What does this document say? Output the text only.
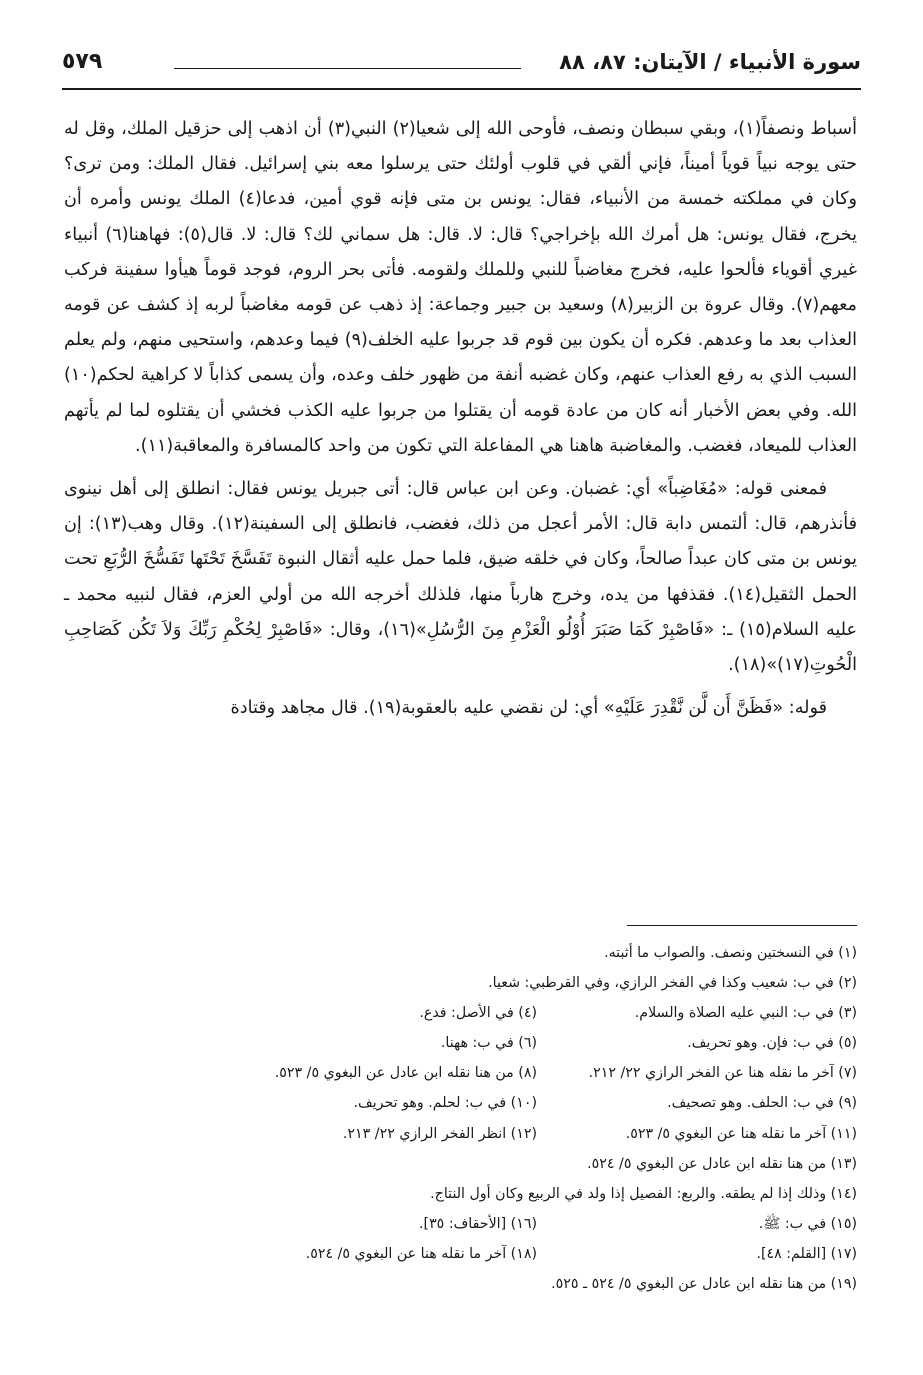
سورة الأنبياء / الآيتان: ٨٧، ٨٨
٥٧٩

أسباط ونصفاً(١)، وبقي سبطان ونصف، فأوحى الله إلى شعيا(٢) النبي(٣) أن اذهب إلى حزقيل الملك، وقل له حتى يوجه نبياً قوياً أميناً، فإني ألقي في قلوب أولئك حتى يرسلوا معه بني إسرائيل. فقال الملك: ومن ترى؟ وكان في مملكته خمسة من الأنبياء، فقال: يونس بن متى فإنه قوي أمين، فدعا(٤) الملك يونس وأمره أن يخرج، فقال يونس: هل أمرك الله بإخراجي؟ قال: لا. قال: هل سماني لك؟ قال: لا. قال(٥): فهاهنا(٦) أنبياء غيري أقوياء فألحوا عليه، فخرج مغاضباً للنبي وللملك ولقومه. فأتى بحر الروم، فوجد قوماً هيأوا سفينة فركب معهم(٧). وقال عروة بن الزبير(٨) وسعيد بن جبير وجماعة: إذ ذهب عن قومه مغاضباً لربه إذ كشف عن قومه العذاب بعد ما وعدهم. فكره أن يكون بين قوم قد جربوا عليه الخلف(٩) فيما وعدهم، واستحيى منهم، ولم يعلم السبب الذي به رفع العذاب عنهم، وكان غضبه أنفة من ظهور خلف وعده، وأن يسمى كذاباً لا كراهية لحكم(١٠) الله. وفي بعض الأخبار أنه كان من عادة قومه أن يقتلوا من جربوا عليه الكذب فخشي أن يقتلوه لما لم يأتهم العذاب للميعاد، فغضب. والمغاضبة هاهنا هي المفاعلة التي تكون من واحد كالمسافرة والمعاقبة(١١).

فمعنى قوله: «مُغَاضِباً» أي: غضبان. وعن ابن عباس قال: أتى جبريل يونس فقال: انطلق إلى أهل نينوى فأنذرهم، قال: ألتمس دابة قال: الأمر أعجل من ذلك، فغضب، فانطلق إلى السفينة(١٢). وقال وهب(١٣): إن يونس بن متى كان عبداً صالحاً، وكان في خلقه ضيق، فلما حمل عليه أثقال النبوة تَفَسَّخَ تَحْتَها تَفَسُّخَ الرُّبَعِ تحت الحمل الثقيل(١٤). فقذفها من يده، وخرج هارباً منها، فلذلك أخرجه الله من أولي العزم، فقال لنبيه محمد ـ عليه السلام(١٥) ـ: «فَاصْبِرْ كَمَا صَبَرَ أُوْلُو الْعَزْمِ مِنَ الرُّسُلِ»(١٦)، وقال: «فَاصْبِرْ لِحُكْمِ رَبِّكَ وَلاَ تَكُن كَصَاحِبِ الْحُوتِ(١٧)»(١٨).

قوله: «فَظَنَّ أَن لَّن نَّقْدِرَ عَلَيْهِ» أي: لن نقضي عليه بالعقوبة(١٩). قال مجاهد وقتادة

(١) في النسختين ونصف. والصواب ما أثبته.
(٢) في ب: شعيب وكذا في الفخر الرازي، وفي القرطبي: شعيا.
(٣) في ب: النبي عليه الصلاة والسلام.
(٤) في الأصل: فدع.
(٥) في ب: فإن. وهو تحريف.
(٦) في ب: ههنا.
(٧) آخر ما نقله هنا عن الفخر الرازي ٢٢/ ٢١٢.
(٨) من هنا نقله ابن عادل عن البغوي ٥/ ٥٢٣.
(٩) في ب: الحلف. وهو تصحيف.
(١٠) في ب: لحلم. وهو تحريف.
(١١) آخر ما نقله هنا عن البغوي ٥/ ٥٢٣.
(١٢) انظر الفخر الرازي ٢٢/ ٢١٣.
(١٣) من هنا نقله ابن عادل عن البغوي ٥/ ٥٢٤.
(١٤) وذلك إذا لم يطقه. والربع: الفصيل إذا ولد في الربيع وكان أول النتاج.
(١٥) في ب: ﷺ.
(١٦) [الأحقاف: ٣٥].
(١٧) [القلم: ٤٨].
(١٨) آخر ما نقله هنا عن البغوي ٥/ ٥٢٤.
(١٩) من هنا نقله ابن عادل عن البغوي ٥/ ٥٢٤ ـ ٥٢٥.
